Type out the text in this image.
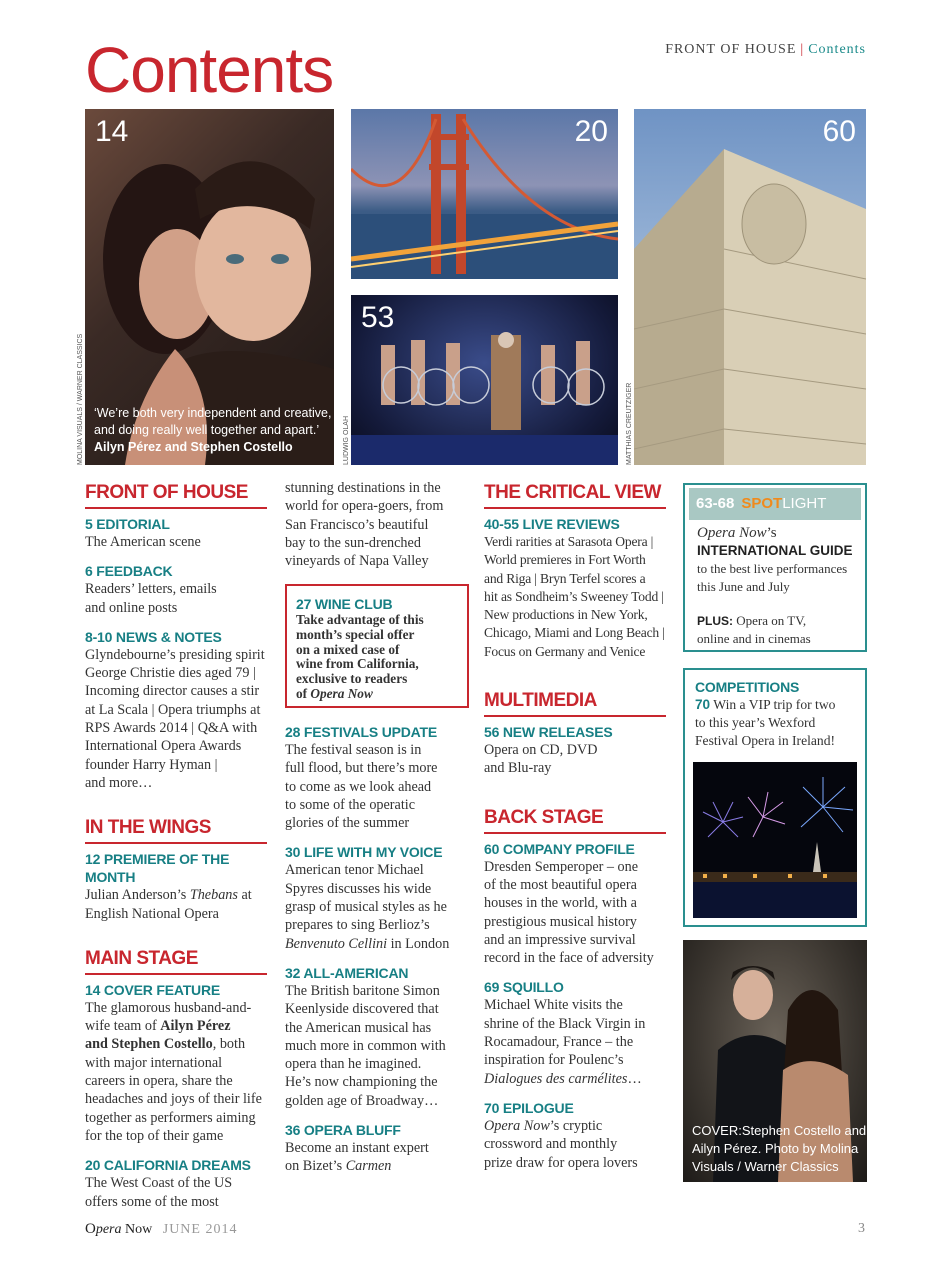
Contents	FRONT OF HOUSE | Contents
14
‘We’re both very independent and creative,
and doing really well together and apart.’
Ailyn Pérez and Stephen Costello
MOLINA VISUALS / WARNER CLASSICS
20
53
LUDWIG OLAH
60
MATTHIAS CREUTZIGER
FRONT OF HOUSE
5 EDITORIAL
The American scene
6 FEEDBACK
Readers’ letters, emails
and online posts
8-10 NEWS & NOTES
Glyndebourne’s presiding spirit
George Christie dies aged 79 |
Incoming director causes a stir
at La Scala | Opera triumphs at
RPS Awards 2014 | Q&A with
International Opera Awards
founder Harry Hyman |
and more…
IN THE WINGS
12 PREMIERE OF THE MONTH
Julian Anderson’s Thebans at
English National Opera
MAIN STAGE
14 COVER FEATURE
The glamorous husband-and-
wife team of Ailyn Pérez
and Stephen Costello, both
with major international
careers in opera, share the
headaches and joys of their life
together as performers aiming
for the top of their game
20 CALIFORNIA DREAMS
The West Coast of the US
offers some of the most
stunning destinations in the
world for opera-goers, from
San Francisco’s beautiful
bay to the sun-drenched
vineyards of Napa Valley
27 WINE CLUB
Take advantage of this
month’s special offer
on a mixed case of
wine from California,
exclusive to readers
of Opera Now
28 FESTIVALS UPDATE
The festival season is in
full flood, but there’s more
to come as we look ahead
to some of the operatic
glories of the summer
30 LIFE WITH MY VOICE
American tenor Michael
Spyres discusses his wide
grasp of musical styles as he
prepares to sing Berlioz’s
Benvenuto Cellini in London
32 ALL-AMERICAN
The British baritone Simon
Keenlyside discovered that
the American musical has
much more in common with
opera than he imagined.
He’s now championing the
golden age of Broadway…
36 OPERA BLUFF
Become an instant expert
on Bizet’s Carmen
THE CRITICAL VIEW
40-55 LIVE REVIEWS
Verdi rarities at Sarasota Opera |
World premieres in Fort Worth
and Riga | Bryn Terfel scores a
hit as Sondheim’s Sweeney Todd |
New productions in New York,
Chicago, Miami and Long Beach |
Focus on Germany and Venice
MULTIMEDIA
56 NEW RELEASES
Opera on CD, DVD
and Blu-ray
BACK STAGE
60 COMPANY PROFILE
Dresden Semperoper – one
of the most beautiful opera
houses in the world, with a
prestigious musical history
and an impressive survival
record in the face of adversity
69 SQUILLO
Michael White visits the
shrine of the Black Virgin in
Rocamadour, France – the
inspiration for Poulenc’s
Dialogues des carmélites…
70 EPILOGUE
Opera Now’s cryptic
crossword and monthly
prize draw for opera lovers
63-68 SPOTLIGHT
Opera Now’s
INTERNATIONAL GUIDE
to the best live performances
this June and July
PLUS: Opera on TV,
online and in cinemas
COMPETITIONS
70 Win a VIP trip for two
to this year’s Wexford
Festival Opera in Ireland!
COVER:Stephen Costello and
Ailyn Pérez. Photo by Molina
Visuals / Warner Classics
Opera Now JUNE 2014	3
